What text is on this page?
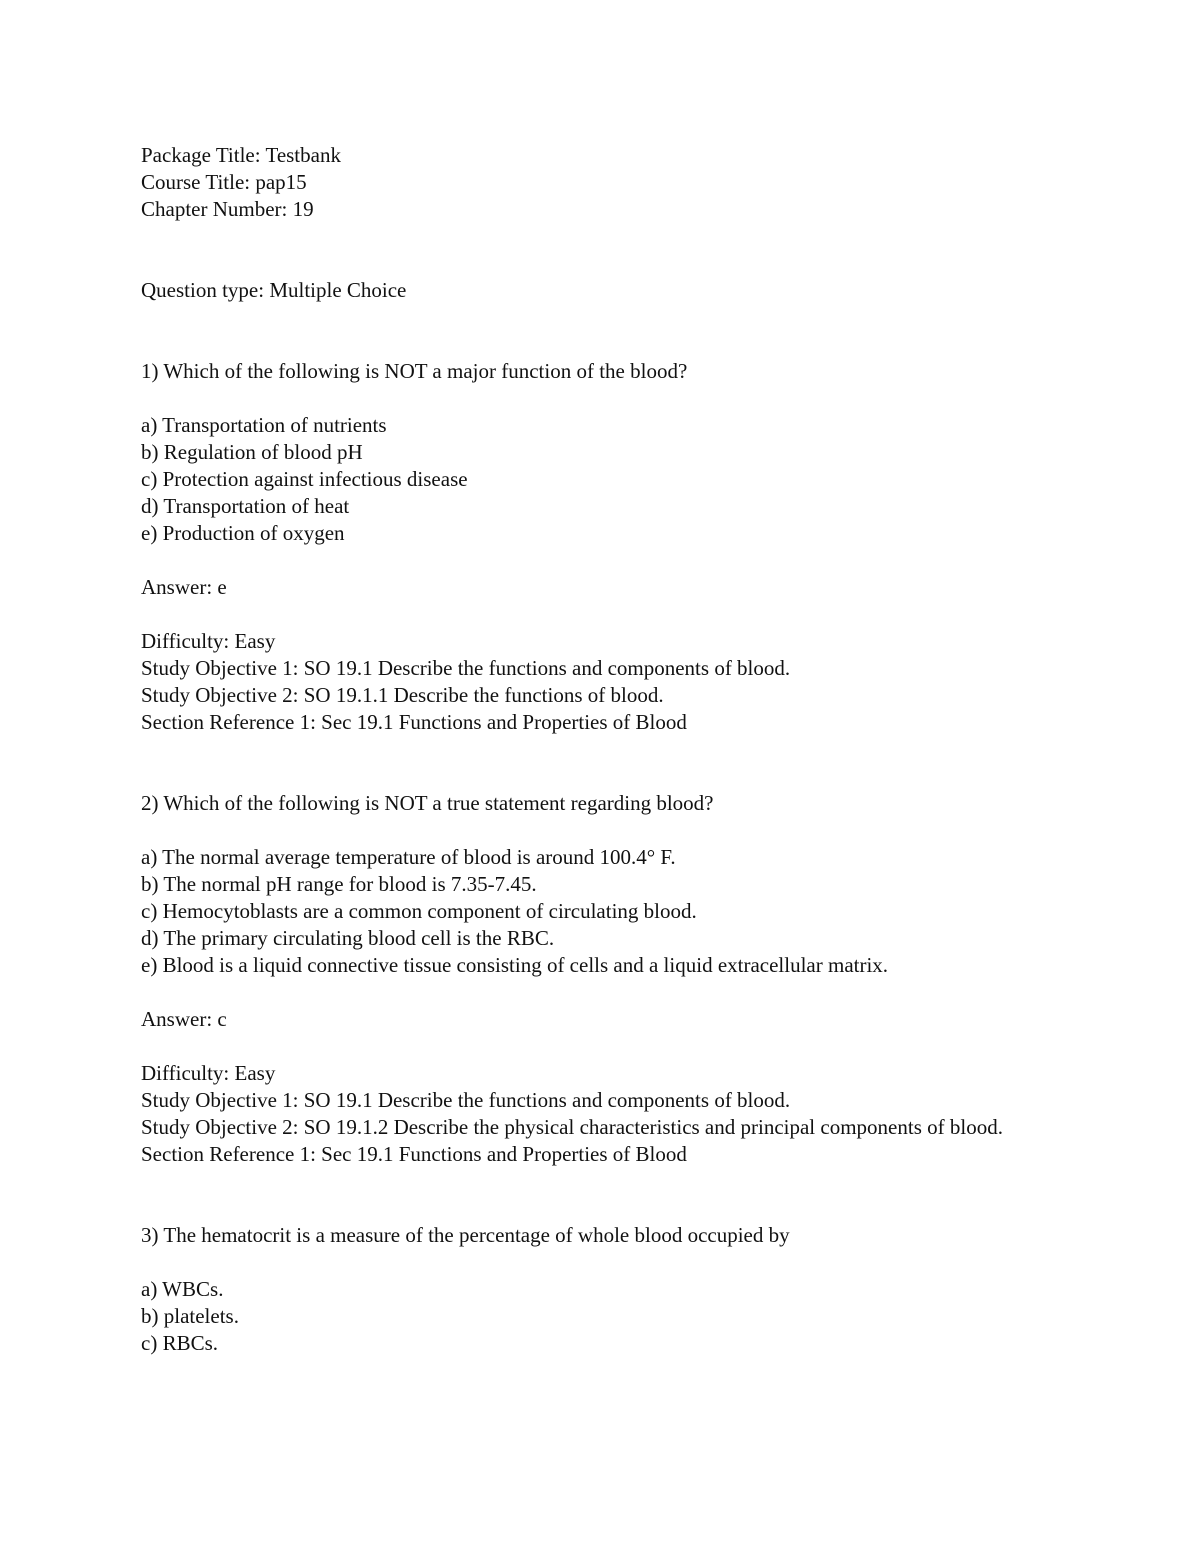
Package Title: Testbank
Course Title: pap15
Chapter Number: 19
Question type: Multiple Choice
1) Which of the following is NOT a major function of the blood?
a) Transportation of nutrients
b) Regulation of blood pH
c) Protection against infectious disease
d) Transportation of heat
e) Production of oxygen
Answer: e
Difficulty: Easy
Study Objective 1: SO 19.1 Describe the functions and components of blood.
Study Objective 2: SO 19.1.1 Describe the functions of blood.
Section Reference 1: Sec 19.1 Functions and Properties of Blood
2) Which of the following is NOT a true statement regarding blood?
a) The normal average temperature of blood is around 100.4° F.
b) The normal pH range for blood is 7.35-7.45.
c) Hemocytoblasts are a common component of circulating blood.
d) The primary circulating blood cell is the RBC.
e) Blood is a liquid connective tissue consisting of cells and a liquid extracellular matrix.
Answer: c
Difficulty: Easy
Study Objective 1: SO 19.1 Describe the functions and components of blood.
Study Objective 2: SO 19.1.2 Describe the physical characteristics and principal components of blood.
Section Reference 1: Sec 19.1 Functions and Properties of Blood
3) The hematocrit is a measure of the percentage of whole blood occupied by
a) WBCs.
b) platelets.
c) RBCs.
